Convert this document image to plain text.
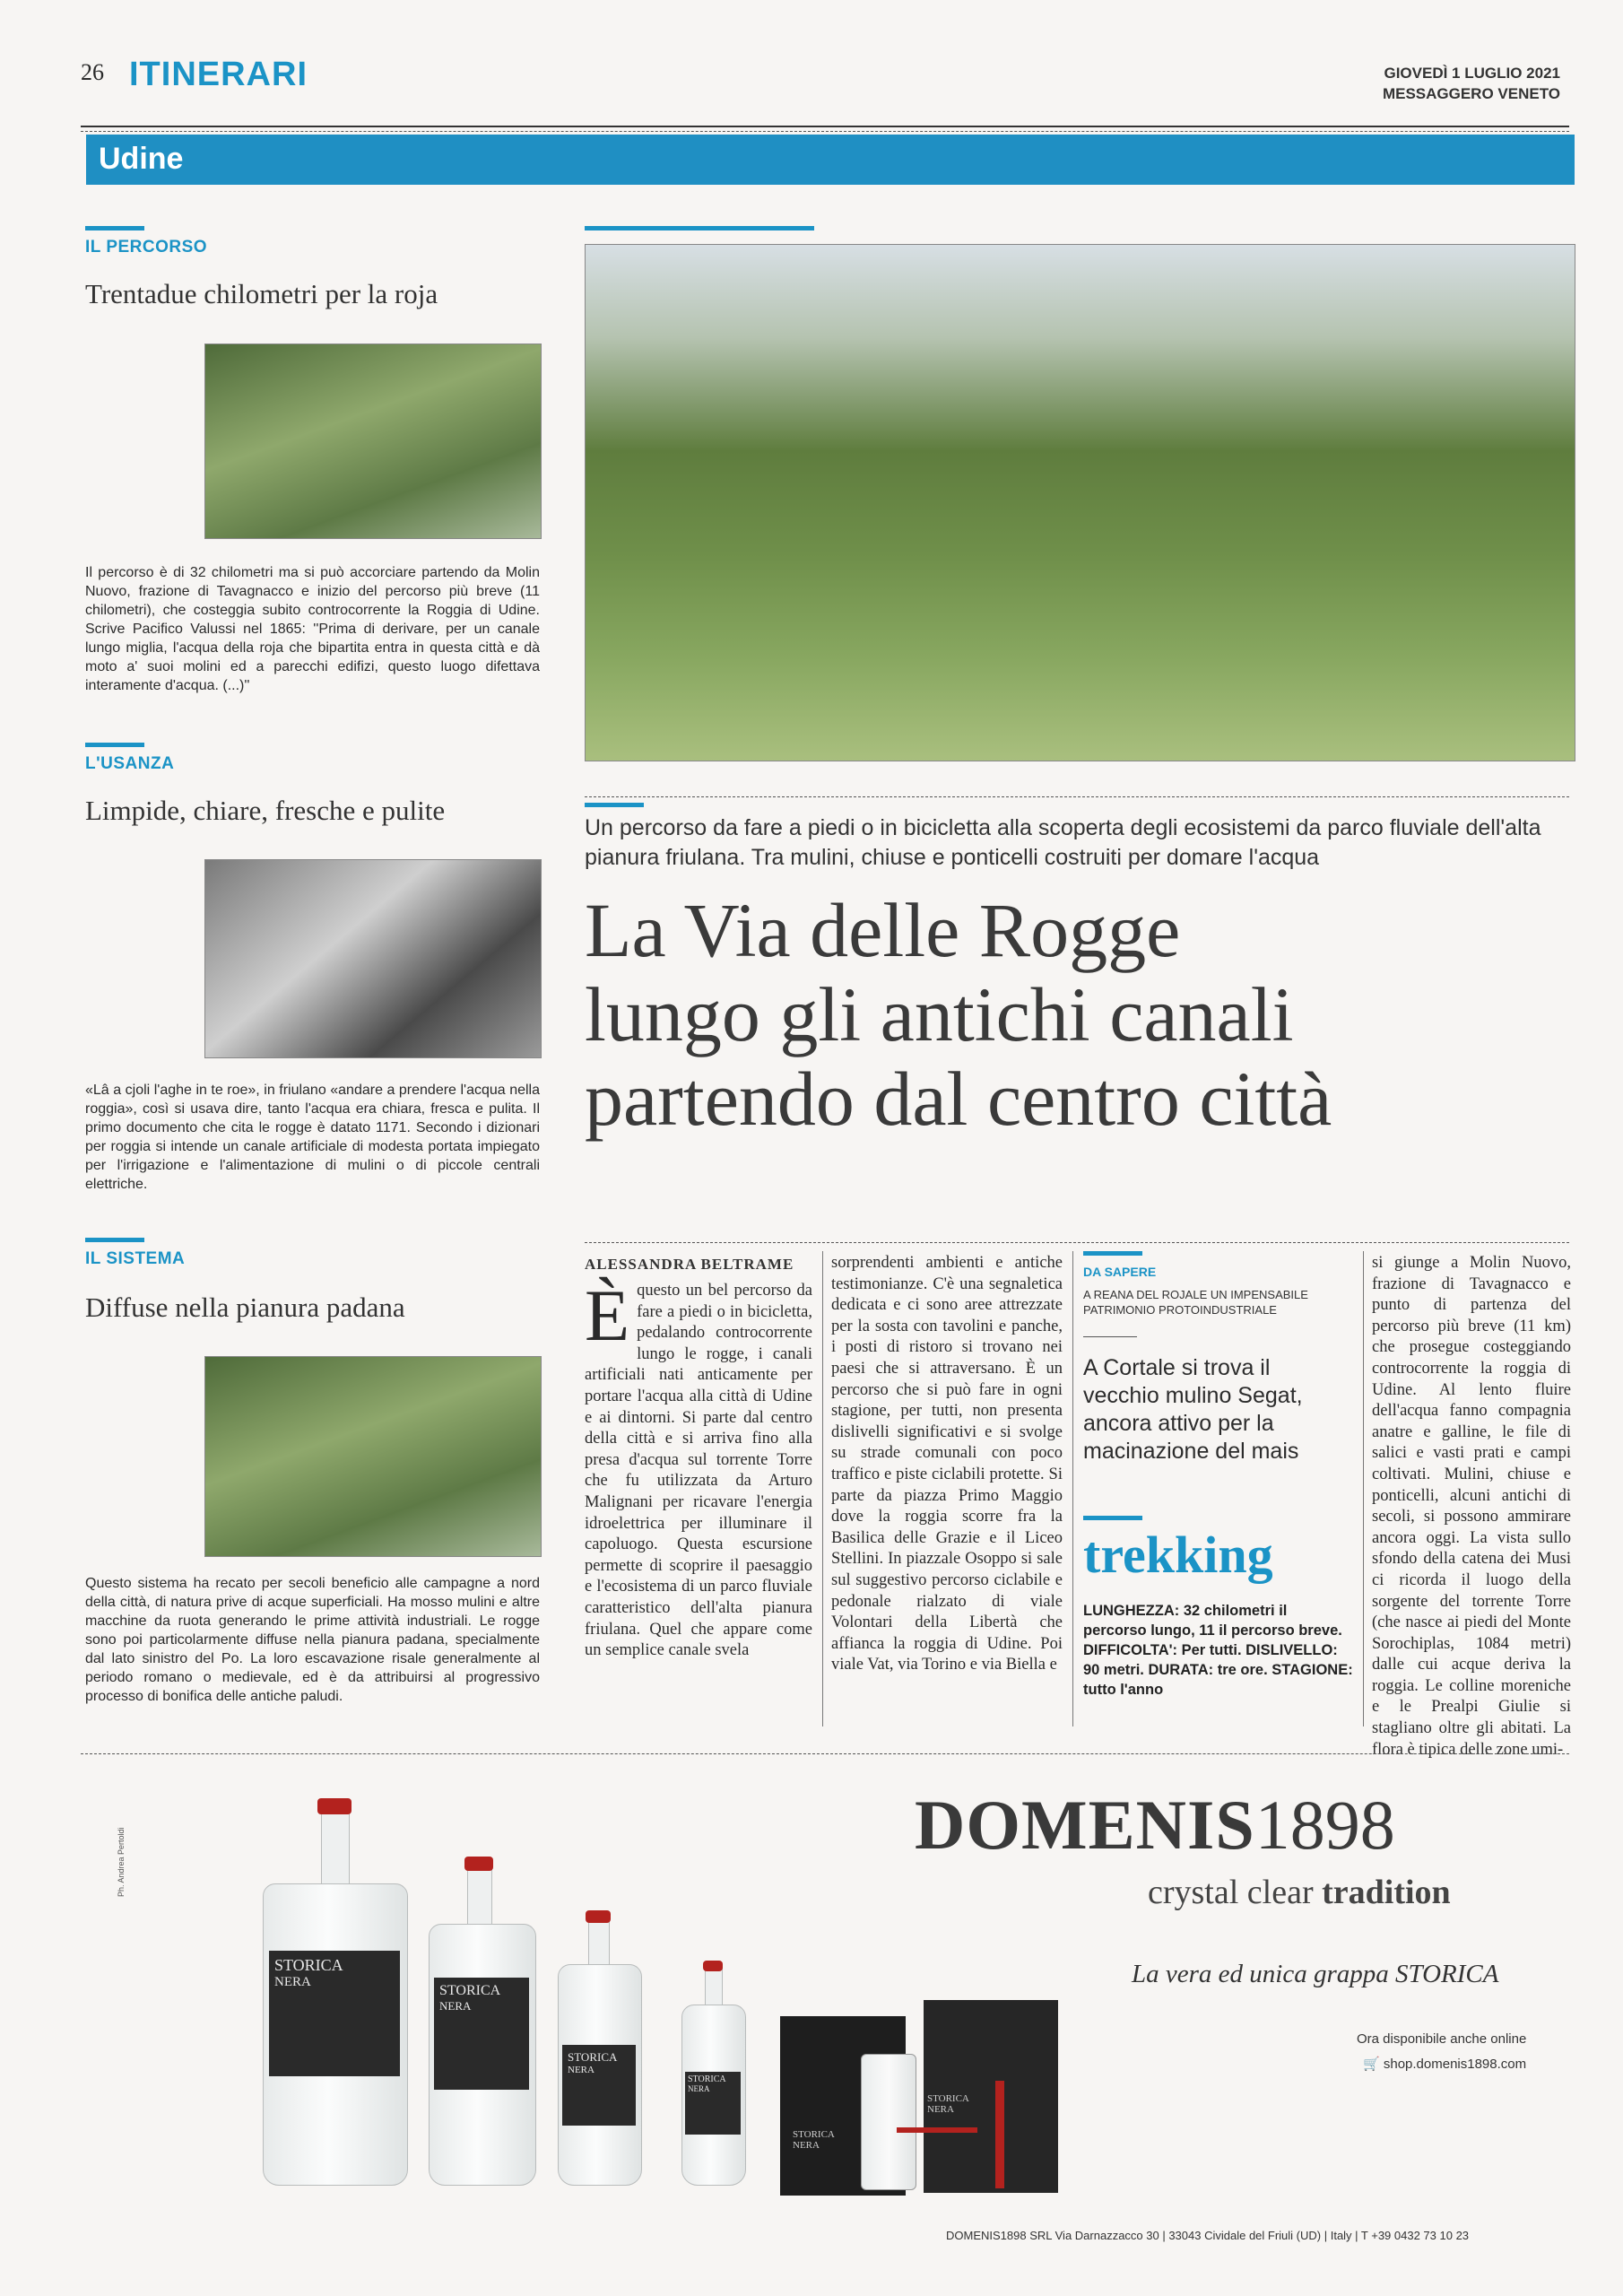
26 ITINERARI	GIOVEDÌ 1 LUGLIO 2021
MESSAGGERO VENETO
Udine
IL PERCORSO
Trentadue chilometri per la roja
Il percorso è di 32 chilometri ma si può accorciare partendo da Molin Nuovo, frazione di Tavagnacco e inizio del percorso più breve (11 chilometri), che costeggia subito controcorrente la Roggia di Udine. Scrive Pacifico Valussi nel 1865: ''Prima di derivare, per un canale lungo miglia, l'acqua della roja che bipartita entra in questa città e dà moto a' suoi molini ed a parecchi edifizi, questo luogo difettava interamente d'acqua. (...)''
L'USANZA
Limpide, chiare, fresche e pulite
«Lâ a cjoli l'aghe in te roe», in friulano «andare a prendere l'acqua nella roggia», così si usava dire, tanto l'acqua era chiara, fresca e pulita. Il primo documento che cita le rogge è datato 1171. Secondo i dizionari per roggia si intende un canale artificiale di modesta portata impiegato per l'irrigazione e l'alimentazione di mulini o di piccole centrali elettriche.
IL SISTEMA
Diffuse nella pianura padana
Questo sistema ha recato per secoli beneficio alle campagne a nord della città, di natura prive di acque superficiali. Ha mosso mulini e altre macchine da ruota generando le prime attività industriali. Le rogge sono poi particolarmente diffuse nella pianura padana, specialmente dal lato sinistro del Po. La loro escavazione risale generalmente al periodo romano o medievale, ed è da attribuirsi al progressivo processo di bonifica delle antiche paludi.
Un percorso da fare a piedi o in bicicletta alla scoperta degli ecosistemi da parco fluviale dell'alta pianura friulana. Tra mulini, chiuse e ponticelli costruiti per domare l'acqua
La Via delle Rogge
lungo gli antichi canali
partendo dal centro città
ALESSANDRA BELTRAME
È questo un bel percorso da fare a piedi o in bicicletta, pedalando controcorrente lungo le rogge, i canali artificiali nati anticamente per portare l'acqua alla città di Udine e ai dintorni. Si parte dal centro della città e si arriva fino alla presa d'acqua sul torrente Torre che fu utilizzata da Arturo Malignani per ricavare l'energia idroelettrica per illuminare il capoluogo. Questa escursione permette di scoprire il paesaggio e l'ecosistema di un parco fluviale caratteristico dell'alta pianura friulana. Quel che appare come un semplice canale svela
sorprendenti ambienti e antiche testimonianze. C'è una segnaletica dedicata e ci sono aree attrezzate per la sosta con tavolini e panche, i posti di ristoro si trovano nei paesi che si attraversano. È un percorso che si può fare in ogni stagione, per tutti, non presenta dislivelli significativi e si svolge su strade comunali con poco traffico e piste ciclabili protette. Si parte da piazza Primo Maggio dove la roggia scorre fra la Basilica delle Grazie e il Liceo Stellini. In piazzale Osoppo si sale sul suggestivo percorso ciclabile e pedonale rialzato di viale Volontari della Libertà che affianca la roggia di Udine. Poi viale Vat, via Torino e via Biella e
DA SAPERE
A REANA DEL ROJALE UN IMPENSABILE PATRIMONIO PROTOINDUSTRIALE
A Cortale si trova il vecchio mulino Segat, ancora attivo per la macinazione del mais
trekking
LUNGHEZZA: 32 chilometri il percorso lungo, 11 il percorso breve. DIFFICOLTA': Per tutti. DISLIVELLO: 90 metri. DURATA: tre ore. STAGIONE: tutto l'anno
si giunge a Molin Nuovo, frazione di Tavagnacco e punto di partenza del percorso più breve (11 km) che prosegue costeggiando controcorrente la roggia di Udine. Al lento fluire dell'acqua fanno compagnia anatre e galline, le file di salici e vasti prati e campi coltivati. Mulini, chiuse e ponticelli, alcuni antichi di secoli, si possono ammirare ancora oggi. La vista sullo sfondo della catena dei Musi ci ricorda il luogo della sorgente del torrente Torre (che nasce ai piedi del Monte Sorochiplas, 1084 metri) dalle cui acque deriva la roggia. Le colline moreniche e le Prealpi Giulie si stagliano oltre gli abitati. La flora è tipica delle zone umi-
Ph. Andrea Pertoldi	DOMENIS1898
crystal clear tradition
La vera ed unica grappa STORICA
Ora disponibile anche online
🛒 shop.domenis1898.com
STORICA
NERA
STORICA
NERA
STORICA
NERA
STORICA
NERA
STORICA
NERA
STORICA
NERA
DOMENIS1898 SRL Via Darnazzacco 30 | 33043 Cividale del Friuli (UD) | Italy | T +39 0432 73 10 23
